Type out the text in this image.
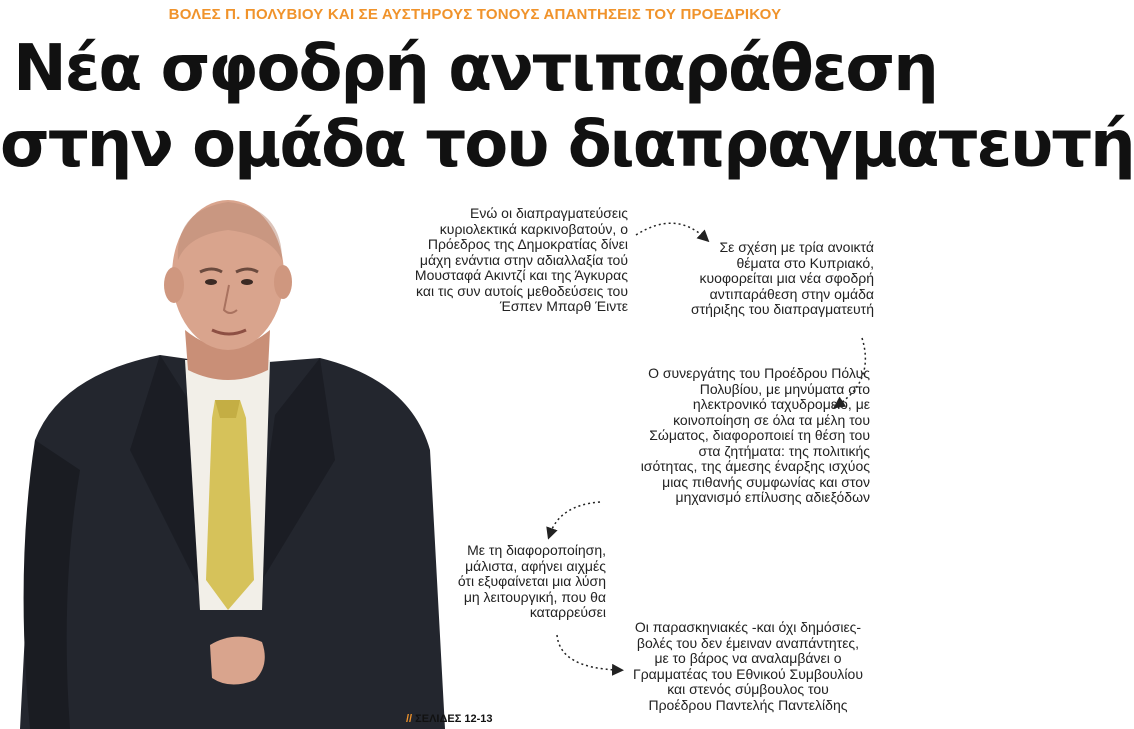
ΒΟΛΕΣ Π. ΠΟΛΥΒΙΟΥ ΚΑΙ ΣΕ ΑΥΣΤΗΡΟΥΣ ΤΟΝΟΥΣ ΑΠΑΝΤΗΣΕΙΣ ΤΟΥ ΠΡΟΕΔΡΙΚΟΥ
Νέα σφοδρή αντιπαράθεση
στην ομάδα του διαπραγματευτή
Ενώ οι διαπραγματεύσεις
κυριολεκτικά καρκινοβατούν, ο
Πρόεδρος της Δημοκρατίας δίνει
μάχη ενάντια στην αδιαλλαξία τού
Μουσταφά Ακιντζί και της Άγκυρας
και τις συν αυτοίς μεθοδεύσεις του
Έσπεν Μπαρθ Έιντε
Σε σχέση με τρία ανοικτά
θέματα στο Κυπριακό,
κυοφορείται μια νέα σφοδρή
αντιπαράθεση στην ομάδα
στήριξης του διαπραγματευτή
Ο συνεργάτης του Προέδρου Πόλυς
Πολυβίου, με μηνύματα στο
ηλεκτρονικό ταχυδρομείο, με
κοινοποίηση σε όλα τα μέλη του
Σώματος, διαφοροποιεί τη θέση του
στα ζητήματα: της πολιτικής
ισότητας, της άμεσης έναρξης ισχύος
μιας πιθανής συμφωνίας και στον
μηχανισμό επίλυσης αδιεξόδων
Με τη διαφοροποίηση,
μάλιστα, αφήνει αιχμές
ότι εξυφαίνεται μια λύση
μη λειτουργική, που θα
καταρρεύσει
Οι παρασκηνιακές -και όχι δημόσιες-
βολές του δεν έμειναν αναπάντητες,
με το βάρος να αναλαμβάνει ο
Γραμματέας του Εθνικού Συμβουλίου
και στενός σύμβουλος του
Προέδρου Παντελής Παντελίδης
// ΣΕΛΙΔΕΣ 12-13
